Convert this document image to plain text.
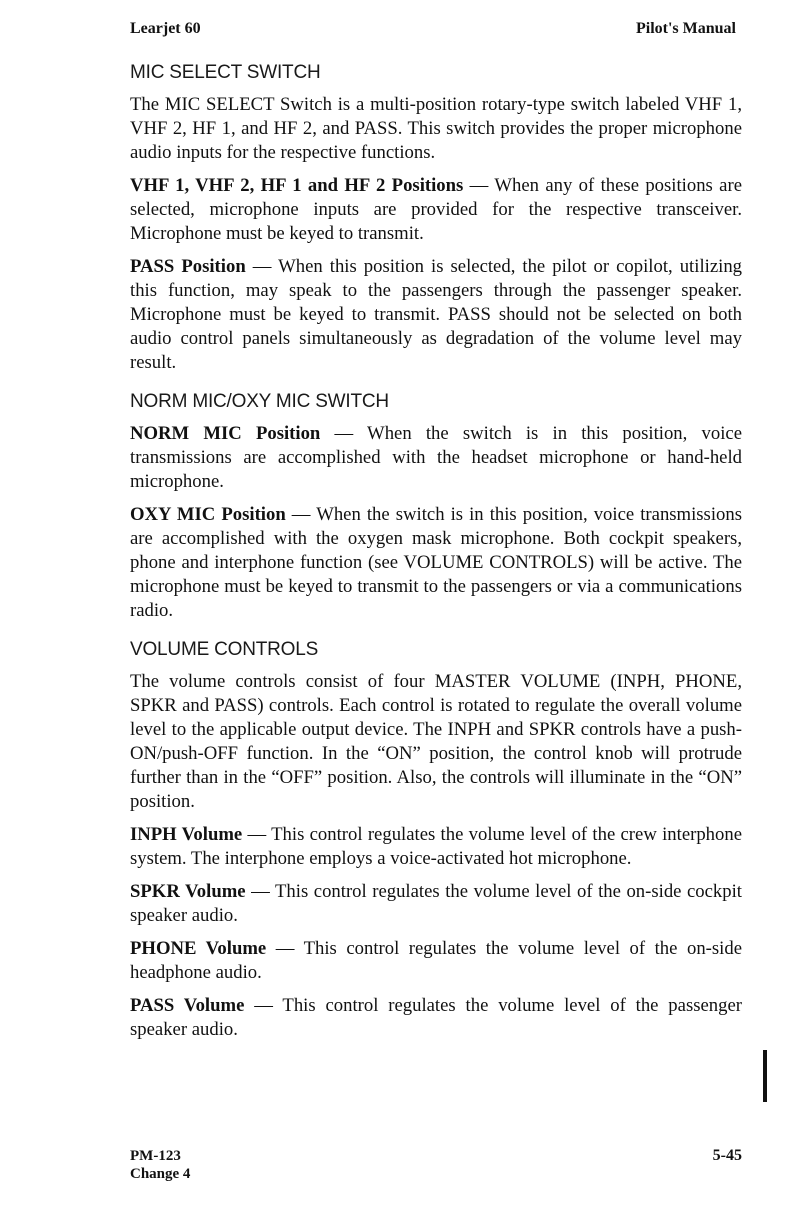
Learjet 60	Pilot's Manual
MIC SELECT SWITCH

The MIC SELECT Switch is a multi-position rotary-type switch labeled VHF 1, VHF 2, HF 1, and HF 2, and PASS. This switch provides the proper microphone audio inputs for the respective functions.

VHF 1, VHF 2, HF 1 and HF 2 Positions — When any of these positions are selected, microphone inputs are provided for the respective transceiver. Microphone must be keyed to transmit.

PASS Position — When this position is selected, the pilot or copilot, utilizing this function, may speak to the passengers through the passenger speaker. Microphone must be keyed to transmit. PASS should not be selected on both audio control panels simultaneously as degradation of the volume level may result.

NORM MIC/OXY MIC SWITCH

NORM MIC Position — When the switch is in this position, voice transmissions are accomplished with the headset microphone or hand-held microphone.

OXY MIC Position — When the switch is in this position, voice transmissions are accomplished with the oxygen mask microphone. Both cockpit speakers, phone and interphone function (see VOLUME CONTROLS) will be active. The microphone must be keyed to transmit to the passengers or via a communications radio.

VOLUME CONTROLS

The volume controls consist of four MASTER VOLUME (INPH, PHONE, SPKR and PASS) controls. Each control is rotated to regulate the overall volume level to the applicable output device. The INPH and SPKR controls have a push-ON/push-OFF function. In the “ON” position, the control knob will protrude further than in the “OFF” position. Also, the controls will illuminate in the “ON” position.

INPH Volume — This control regulates the volume level of the crew interphone system. The interphone employs a voice-activated hot microphone.

SPKR Volume — This control regulates the volume level of the on-side cockpit speaker audio.

PHONE Volume — This control regulates the volume level of the on-side headphone audio.

PASS Volume — This control regulates the volume level of the passenger speaker audio.

PM-123
Change 4
5-45
